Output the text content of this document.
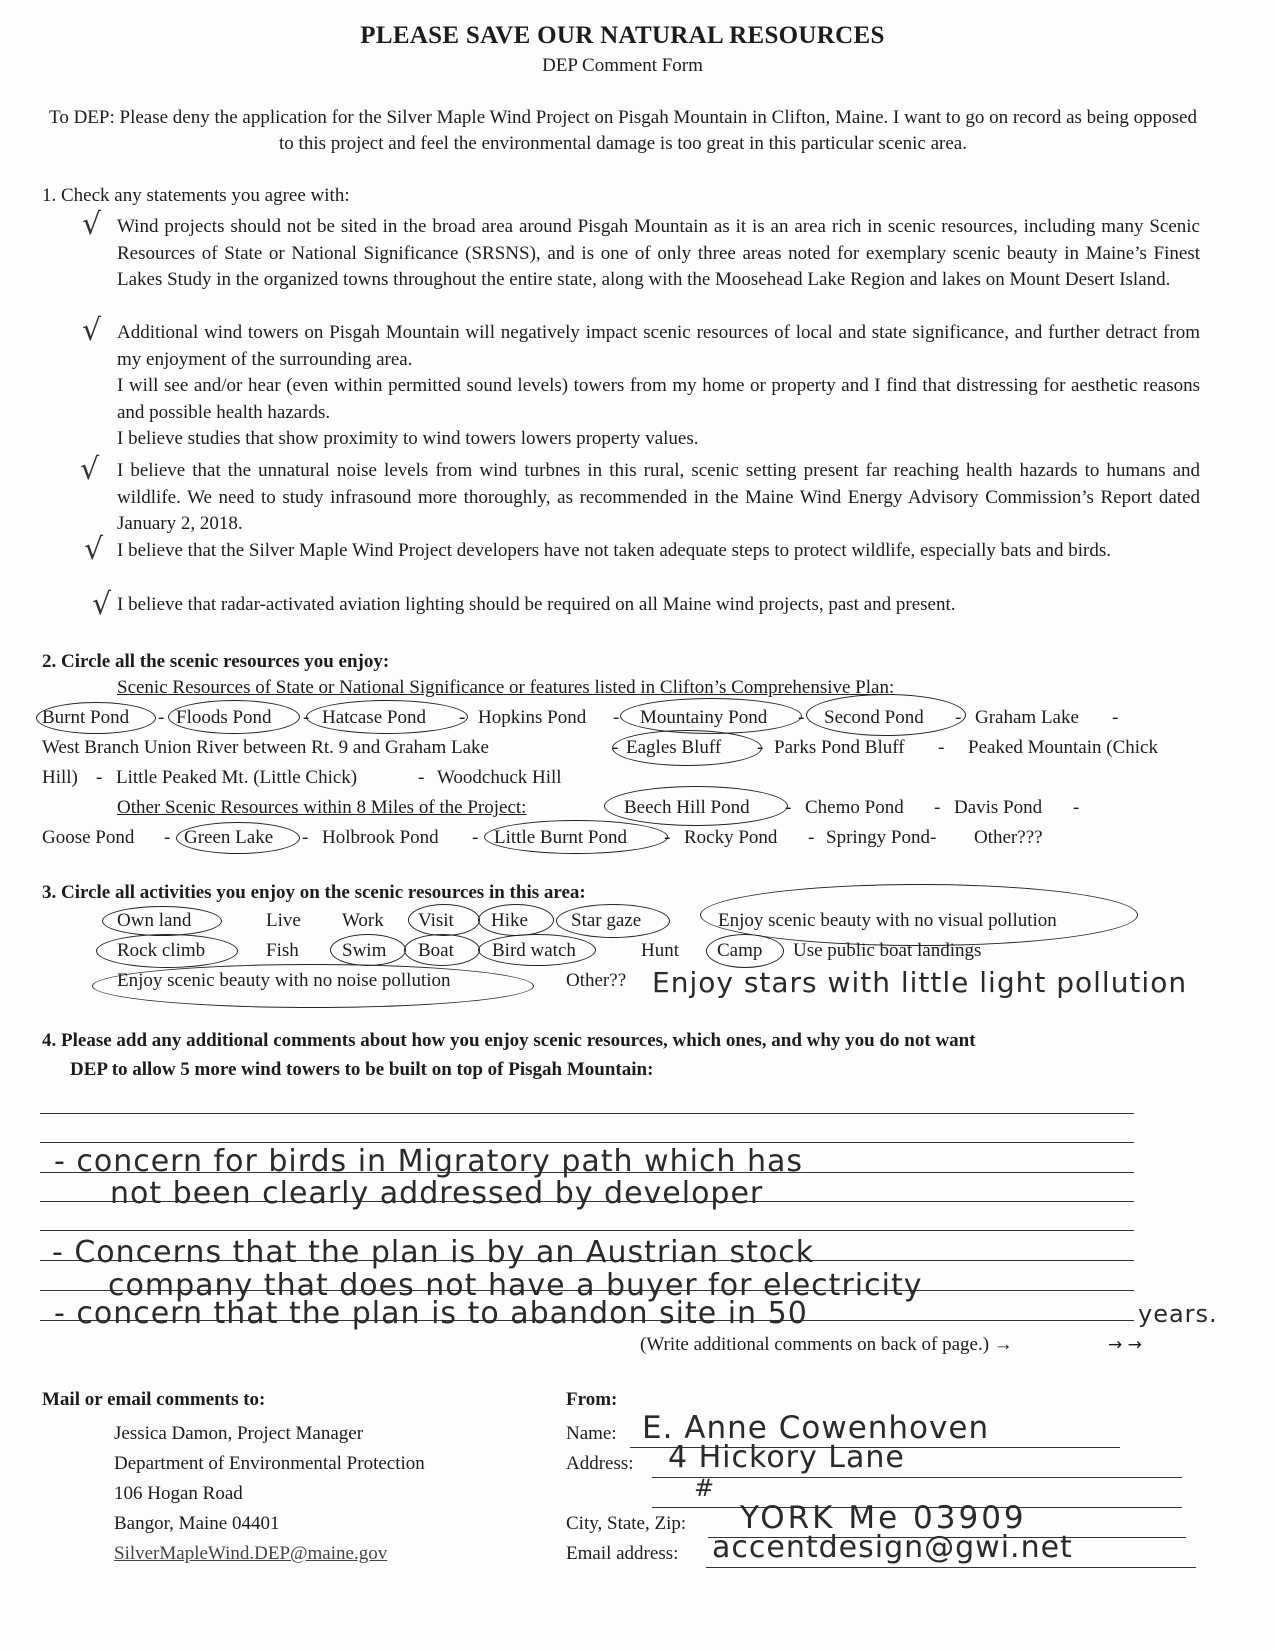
PLEASE SAVE OUR NATURAL RESOURCES
DEP Comment Form
To DEP: Please deny the application for the Silver Maple Wind Project on Pisgah Mountain in Clifton, Maine. I want to go on record as being opposed to this project and feel the environmental damage is too great in this particular scenic area.
1. Check any statements you agree with:
√ Wind projects should not be sited in the broad area around Pisgah Mountain as it is an area rich in scenic resources, including many Scenic Resources of State or National Significance (SRSNS), and is one of only three areas noted for exemplary scenic beauty in Maine’s Finest Lakes Study in the organized towns throughout the entire state, along with the Moosehead Lake Region and lakes on Mount Desert Island.
√ Additional wind towers on Pisgah Mountain will negatively impact scenic resources of local and state significance, and further detract from my enjoyment of the surrounding area.
I will see and/or hear (even within permitted sound levels) towers from my home or property and I find that distressing for aesthetic reasons and possible health hazards.
I believe studies that show proximity to wind towers lowers property values.
√ I believe that the unnatural noise levels from wind turbnes in this rural, scenic setting present far reaching health hazards to humans and wildlife. We need to study infrasound more thoroughly, as recommended in the Maine Wind Energy Advisory Commission’s Report dated January 2, 2018.
√ I believe that the Silver Maple Wind Project developers have not taken adequate steps to protect wildlife, especially bats and birds.
√ I believe that radar-activated aviation lighting should be required on all Maine wind projects, past and present.
2. Circle all the scenic resources you enjoy:
Scenic Resources of State or National Significance or features listed in Clifton’s Comprehensive Plan:
Burnt Pond - Floods Pond - Hatcase Pond - Hopkins Pond - Mountainy Pond - Second Pond - Graham Lake -
West Branch Union River between Rt. 9 and Graham Lake	- Eagles Bluff - Parks Pond Bluff - Peaked Mountain (Chick
Hill) - Little Peaked Mt. (Little Chick)	- Woodchuck Hill
Other Scenic Resources within 8 Miles of the Project:	Beech Hill Pond - Chemo Pond - Davis Pond -
Goose Pond - Green Lake - Holbrook Pond - Little Burnt Pond - Rocky Pond - Springy Pond- Other???
3. Circle all activities you enjoy on the scenic resources in this area:
Own land	Live Work Visit Hike Star gaze	Enjoy scenic beauty with no visual pollution
Rock climb	Fish Swim Boat Bird watch	Hunt Camp Use public boat landings
Enjoy scenic beauty with no noise pollution	Other?? Enjoy stars with little light pollution
4. Please add any additional comments about how you enjoy scenic resources, which ones, and why you do not want
DEP to allow 5 more wind towers to be built on top of Pisgah Mountain:
- concern for birds in Migratory path which has
not been clearly addressed by developer
- Concerns that the plan is by an Austrian stock
company that does not have a buyer for electricity
- concern that the plan is to abandon site in 50	years.
(Write additional comments on back of page.) →	→ →
Mail or email comments to:
Jessica Damon, Project Manager
Department of Environmental Protection
106 Hogan Road
Bangor, Maine 04401
SilverMapleWind.DEP@maine.gov
From:
Name: E. Anne Cowenhoven
Address: 4 Hickory Lane
#
City, State, Zip: YORK Me 03909
Email address: accentdesign@gwi.net
